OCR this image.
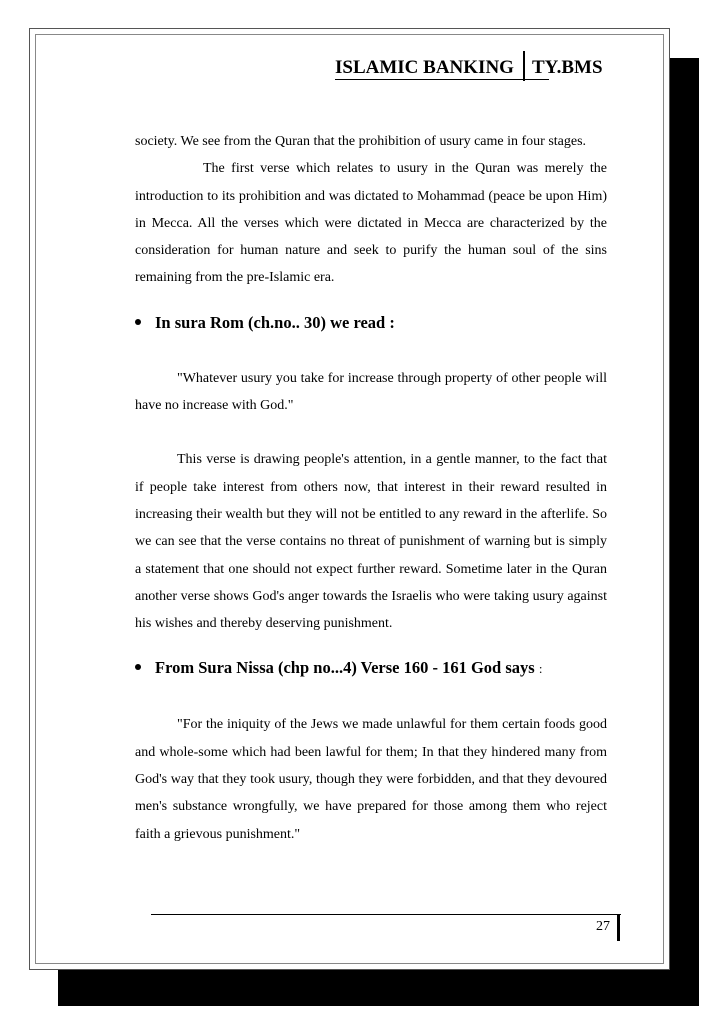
ISLAMIC BANKING TY.BMS

society. We see from the Quran that the prohibition of usury came in four stages.

The first verse which relates to usury in the Quran was merely the introduction to its prohibition and was dictated to Mohammad (peace be upon Him) in Mecca. All the verses which were dictated in Mecca are characterized by the consideration for human nature and seek to purify the human soul of the sins remaining from the pre-Islamic era.

In sura Rom (ch.no.. 30) we read :

"Whatever usury you take for increase through property of other people will have no increase with God."

This verse is drawing people's attention, in a gentle manner, to the fact that if people take interest from others now, that interest in their reward resulted in increasing their wealth but they will not be entitled to any reward in the afterlife. So we can see that the verse contains no threat of punishment of warning but is simply a statement that one should not expect further reward. Sometime later in the Quran another verse shows God's anger towards the Israelis who were taking usury against his wishes and thereby deserving punishment.

From Sura Nissa (chp no...4) Verse 160 - 161 God says :

"For the iniquity of the Jews we made unlawful for them certain foods good and whole-some which had been lawful for them; In that they hindered many from God's way that they took usury, though they were forbidden, and that they devoured men's substance wrongfully, we have prepared for those among them who reject faith a grievous punishment."

27
